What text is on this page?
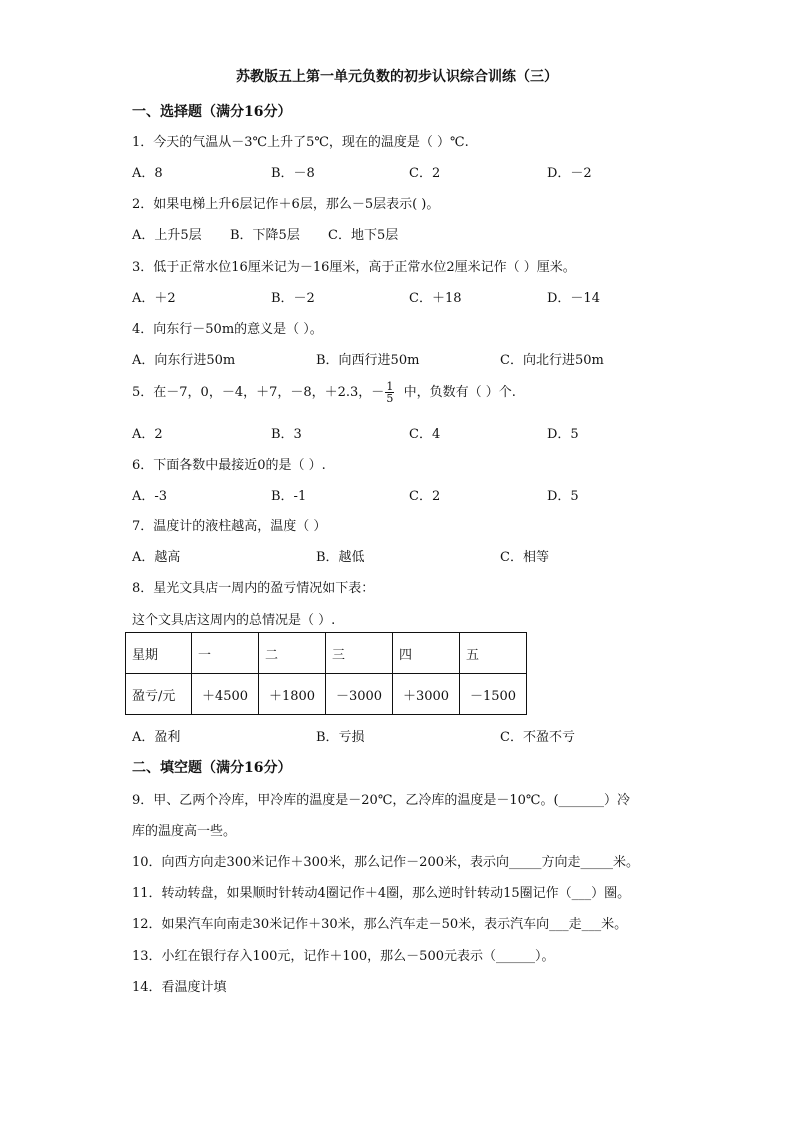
苏教版五上第一单元负数的初步认识综合训练（三）
一、选择题（满分16分）
1．今天的气温从－3℃上升了5℃，现在的温度是（ ）℃.
A．8	B．－8	C．2	D．－2
2．如果电梯上升6层记作＋6层，那么－5层表示( )。
A．上升5层 B．下降5层 C．地下5层
3．低于正常水位16厘米记为－16厘米，高于正常水位2厘米记作（ ）厘米。
A．＋2	B．－2	C．＋18	D．－14
4．向东行－50m的意义是（ ）。
A．向东行进50m	B．向西行进50m	C．向北行进50m
5．在－7，0，－4，＋7，－8，＋2.3，－ $\frac{1}{5}$ 中，负数有（ ）个.
A．2	B．3	C．4	D．5
6．下面各数中最接近0的是（ ）.
A．-3	B．-1	C．2	D．5
7．温度计的液柱越高，温度（ ）
A．越高	B．越低	C．相等
8．星光文具店一周内的盈亏情况如下表：
这个文具店这周内的总情况是（ ）.
星期	一	二	三	四	五
盈亏/元	＋4500	＋1800	－3000	＋3000	－1500
A．盈利	B．亏损	C．不盈不亏
二、填空题（满分16分）
9．甲、乙两个冷库，甲冷库的温度是－20℃，乙冷库的温度是－10℃。(_______）冷
库的温度高一些。
10．向西方向走300米记作＋300米，那么记作－200米，表示向_____方向走_____米。
11．转动转盘，如果顺时针转动4圈记作＋4圈，那么逆时针转动15圈记作（___）圈。
12．如果汽车向南走30米记作＋30米，那么汽车走－50米，表示汽车向___走___米。
13．小红在银行存入100元，记作＋100，那么－500元表示（______）。
14．看温度计填
